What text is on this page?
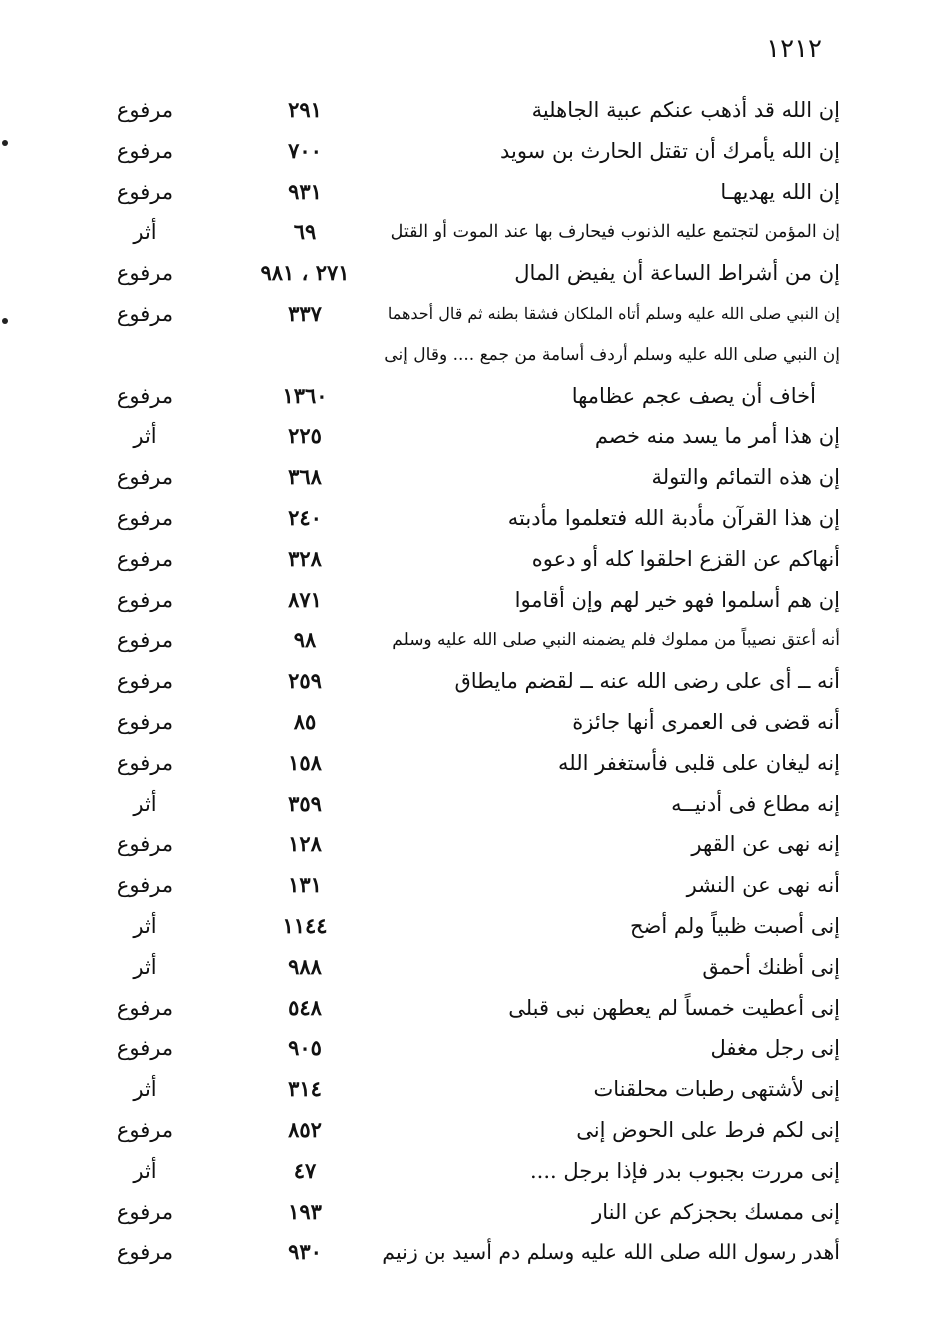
١٢١٢
إن الله قد أذهب عنكم عبية الجاهلية
٢٩١
مرفوع
إن الله يأمرك أن تقتل الحارث بن سويد
٧٠٠
مرفوع
إن الله يهديهـا
٩٣١
مرفوع
إن المؤمن لتجتمع عليه الذنوب فيحارف بها عند الموت أو القتل
٦٩
أثر
إن من أشراط الساعة أن يفيض المال
٢٧١ ، ٩٨١
مرفوع
إن النبي صلى الله عليه وسلم أتاه الملكان فشقا بطنه ثم قال أحدهما
٣٣٧
مرفوع
إن النبي صلى الله عليه وسلم أردف أسامة من جمع .... وقال إنى
أخاف أن يصف عجم عظامها
١٣٦٠
مرفوع
إن هذا أمر ما يسد منه خصم
٢٢٥
أثر
إن هذه التمائم والتولة
٣٦٨
مرفوع
إن هذا القرآن مأدبة الله فتعلموا مأدبته
٢٤٠
مرفوع
أنهاكم عن القزع احلقوا كله أو دعوه
٣٢٨
مرفوع
إن هم أسلموا فهو خير لهم وإن أقاموا
٨٧١
مرفوع
أنه أعتق نصيباً من مملوك فلم يضمنه النبي صلى الله عليه وسلم
٩٨
مرفوع
أنه ــ أى على رضى الله عنه ــ لقضم مايطاق
٢٥٩
مرفوع
أنه قضى فى العمرى أنها جائزة
٨٥
مرفوع
إنه ليغان على قلبى فأستغفر الله
١٥٨
مرفوع
إنه مطاع فى أدنيــه
٣٥٩
أثر
إنه نهى عن القهر
١٢٨
مرفوع
أنه نهى عن النشر
١٣١
مرفوع
إنى أصبت ظبياً ولم أضح
١١٤٤
أثر
إنى أظنك أحمق
٩٨٨
أثر
إنى أعطيت خمساً لم يعطهن نبى قبلى
٥٤٨
مرفوع
إنى رجل مغفل
٩٠٥
مرفوع
إنى لأشتهى رطبات محلقنات
٣١٤
أثر
إنى لكم فرط على الحوض إنى
٨٥٢
مرفوع
إنى مررت بجبوب بدر فإذا برجل ....
٤٧
أثر
إنى ممسك بحجزكم عن النار
١٩٣
مرفوع
أهدر رسول الله صلى الله عليه وسلم دم أسيد بن زنيم
٩٣٠
مرفوع
